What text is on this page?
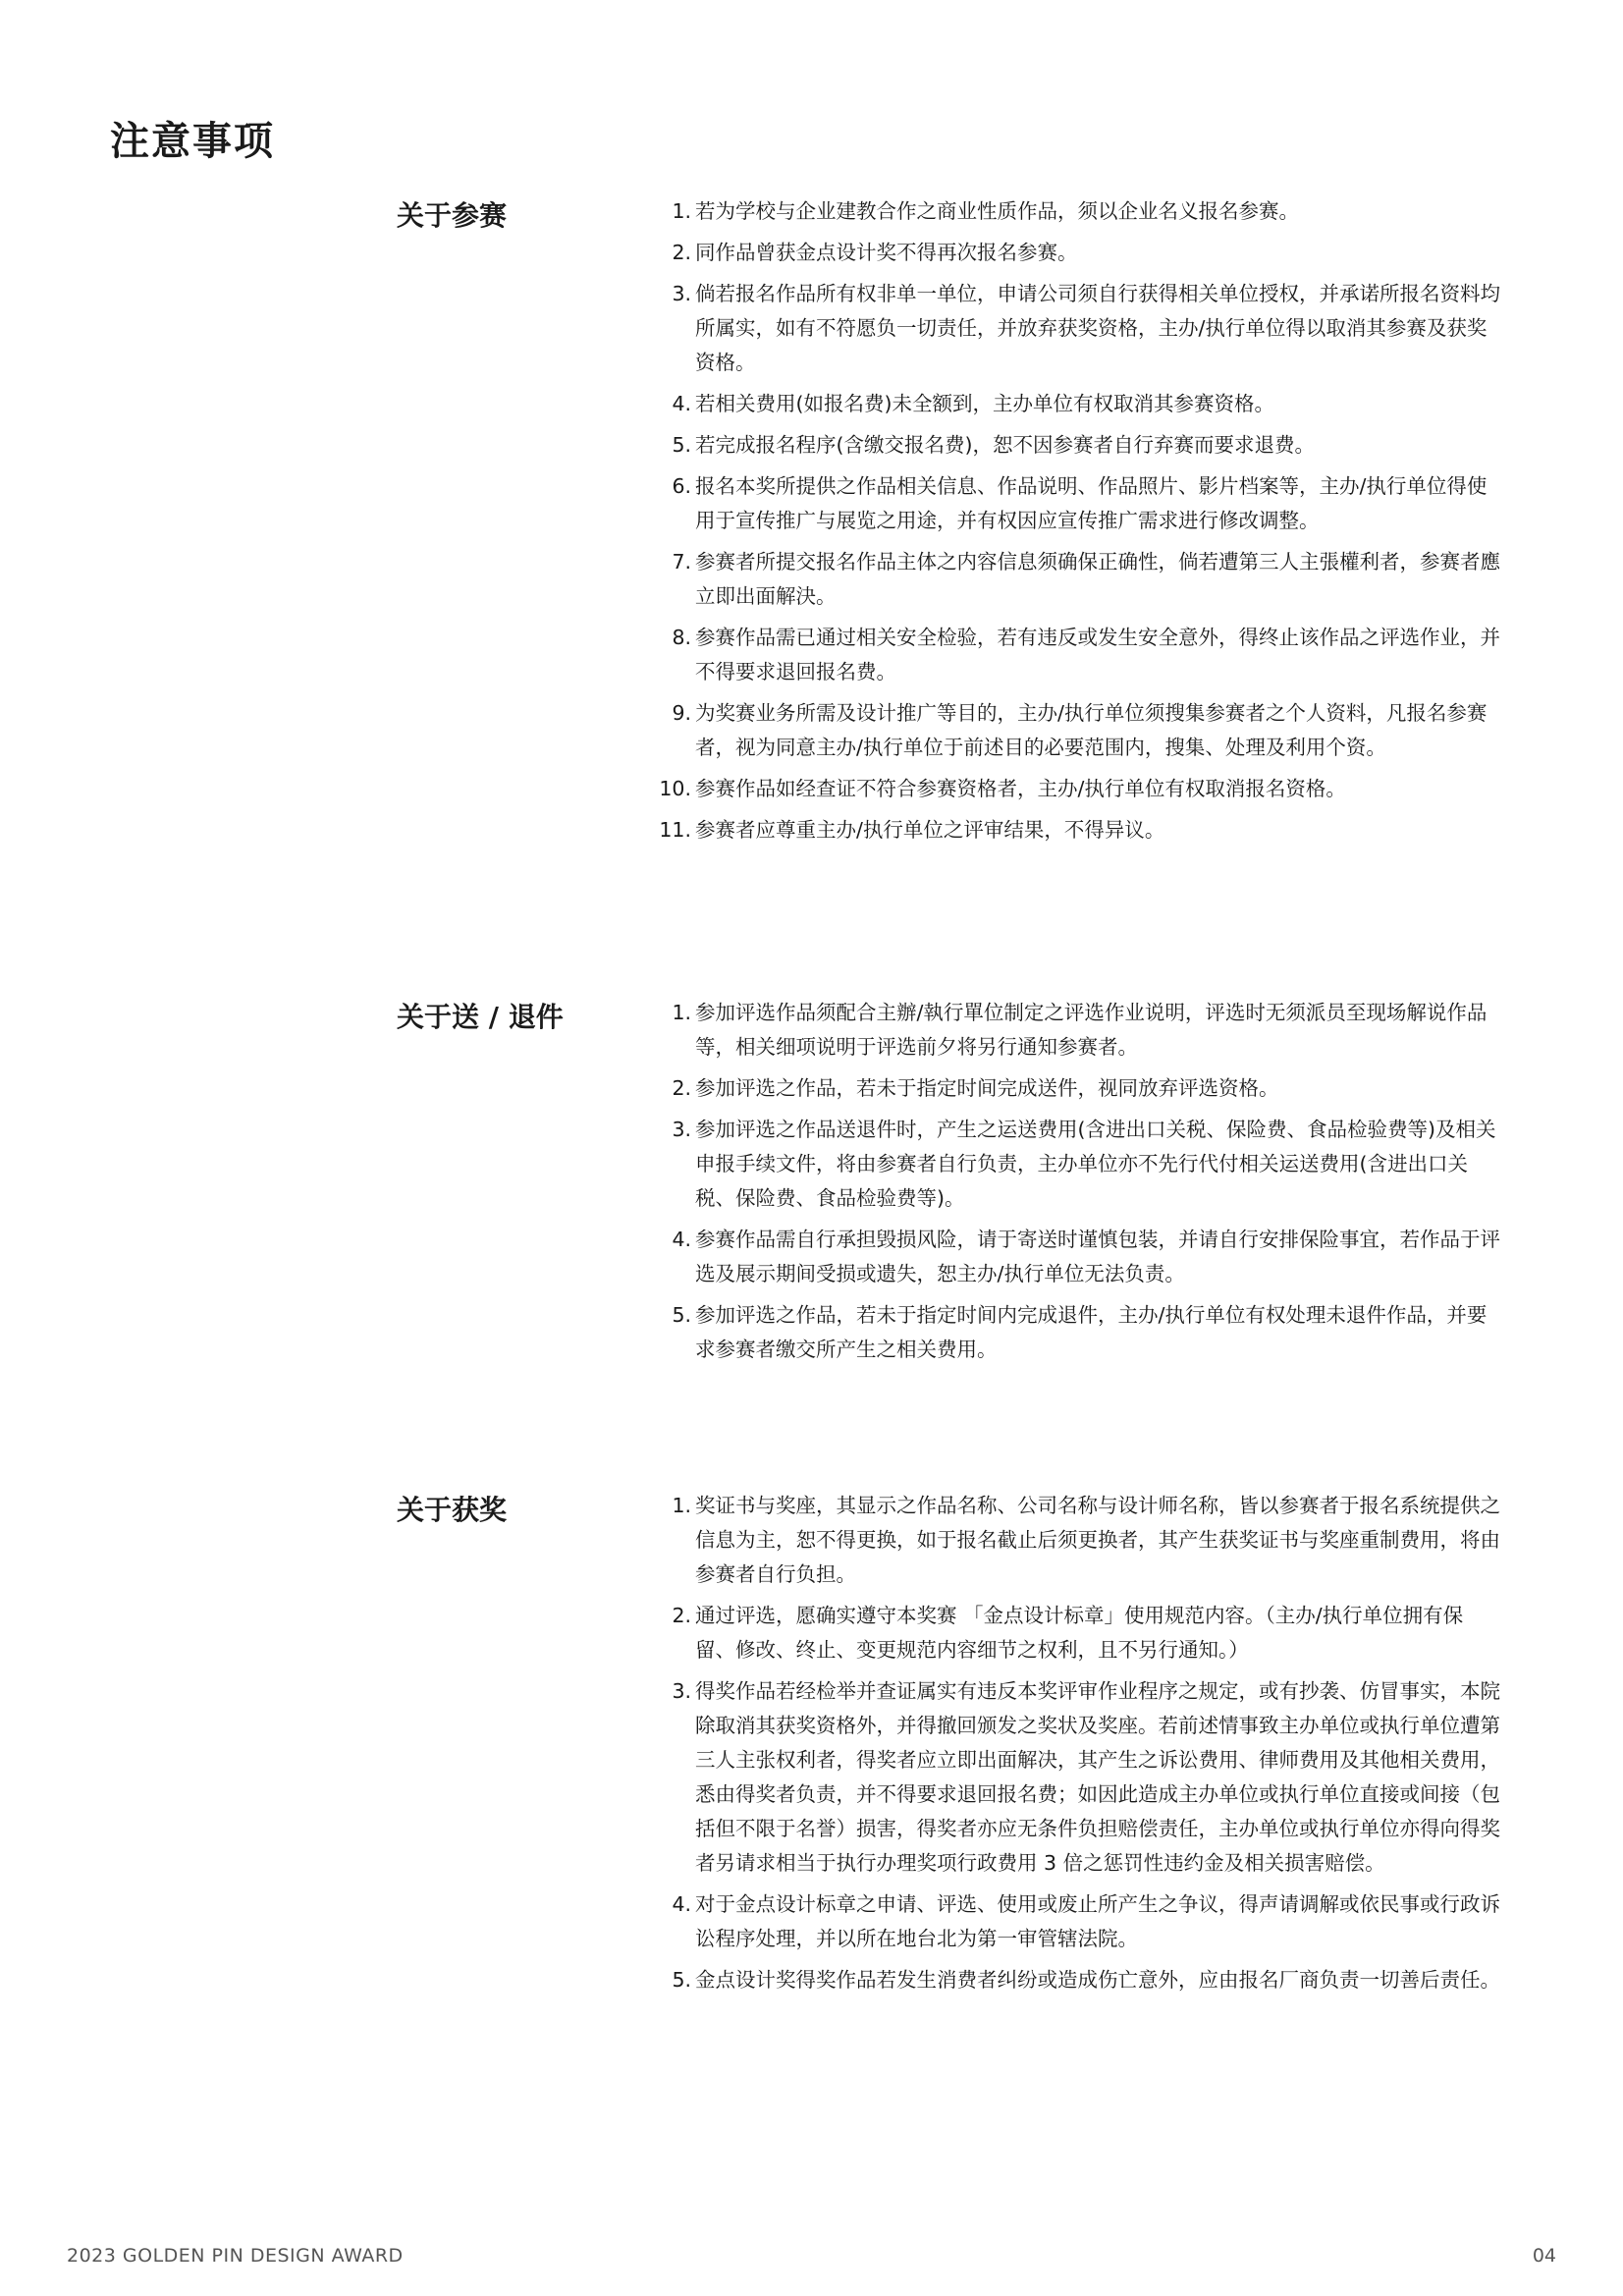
注意事项
关于参赛	1. 若为学校与企业建教合作之商业性质作品，须以企业名义报名参赛。
2. 同作品曾获金点设计奖不得再次报名参赛。
3. 倘若报名作品所有权非单一单位，申请公司须自行获得相关单位授权，并承诺所报名资料均所属实，如有不符愿负一切责任，并放弃获奖资格，主办/执行单位得以取消其参赛及获奖资格。
4. 若相关费用(如报名费)未全额到，主办单位有权取消其参赛资格。
5. 若完成报名程序(含缴交报名费)，恕不因参赛者自行弃赛而要求退费。
6. 报名本奖所提供之作品相关信息、作品说明、作品照片、影片档案等，主办/执行单位得使用于宣传推广与展览之用途，并有权因应宣传推广需求进行修改调整。
7. 参赛者所提交报名作品主体之内容信息须确保正确性，倘若遭第三人主張權利者，参赛者應立即出面解決。
8. 参赛作品需已通过相关安全检验，若有违反或发生安全意外，得终止该作品之评选作业，并不得要求退回报名费。
9. 为奖赛业务所需及设计推广等目的，主办/执行单位须搜集参赛者之个人资料，凡报名参赛者，视为同意主办/执行单位于前述目的必要范围内，搜集、处理及利用个资。
10. 参赛作品如经查证不符合参赛资格者，主办/执行单位有权取消报名资格。
11. 参赛者应尊重主办/执行单位之评审结果，不得异议。
关于送 / 退件	1. 参加评选作品须配合主辦/執行單位制定之评选作业说明，评选时无须派员至现场解说作品等，相关细项说明于评选前夕将另行通知参赛者。
2. 参加评选之作品，若未于指定时间完成送件，视同放弃评选资格。
3. 参加评选之作品送退件时，产生之运送费用(含进出口关税、保险费、食品检验费等)及相关申报手续文件，将由参赛者自行负责，主办单位亦不先行代付相关运送费用(含进出口关税、保险费、食品检验费等)。
4. 参赛作品需自行承担毁损风险，请于寄送时谨慎包装，并请自行安排保险事宜，若作品于评选及展示期间受损或遗失，恕主办/执行单位无法负责。
5. 参加评选之作品，若未于指定时间内完成退件，主办/执行单位有权处理未退件作品，并要求参赛者缴交所产生之相关费用。
关于获奖	1. 奖证书与奖座，其显示之作品名称、公司名称与设计师名称，皆以参赛者于报名系统提供之信息为主，恕不得更换，如于报名截止后须更换者，其产生获奖证书与奖座重制费用，将由参赛者自行负担。
2. 通过评选，愿确实遵守本奖赛 「金点设计标章」使用规范内容。（主办/执行单位拥有保留、修改、终止、变更规范内容细节之权利，且不另行通知。）
3. 得奖作品若经检举并查证属实有违反本奖评审作业程序之规定，或有抄袭、仿冒事实，本院除取消其获奖资格外，并得撤回颁发之奖状及奖座。若前述情事致主办单位或执行单位遭第三人主张权利者，得奖者应立即出面解决，其产生之诉讼费用、律师费用及其他相关费用，悉由得奖者负责，并不得要求退回报名费；如因此造成主办单位或执行单位直接或间接（包括但不限于名誉）损害，得奖者亦应无条件负担赔偿责任，主办单位或执行单位亦得向得奖者另请求相当于执行办理奖项行政费用 3 倍之惩罚性违约金及相关损害赔偿。
4. 对于金点设计标章之申请、评选、使用或废止所产生之争议，得声请调解或依民事或行政诉讼程序处理，并以所在地台北为第一审管辖法院。
5. 金点设计奖得奖作品若发生消费者纠纷或造成伤亡意外，应由报名厂商负责一切善后责任。
2023 GOLDEN PIN DESIGN AWARD	04
